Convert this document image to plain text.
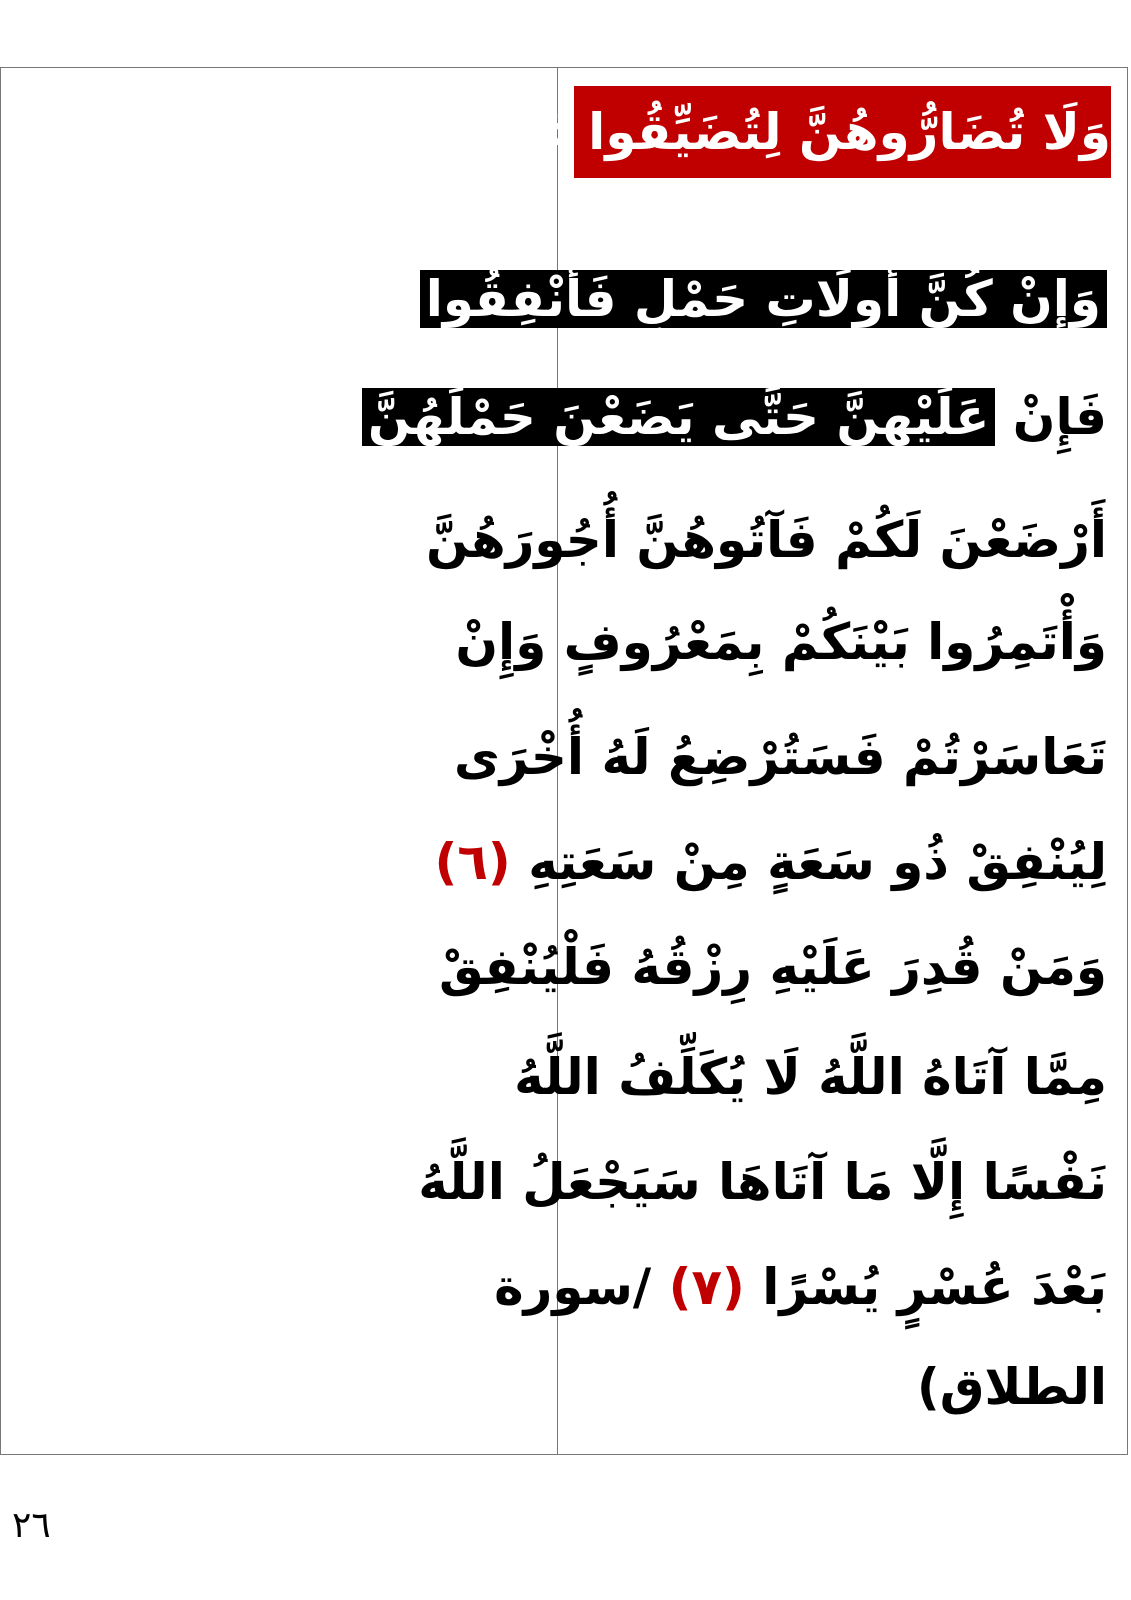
وَلَا تُضَارُّوهُنَّ لِتُضَيِّقُوا عَلَيْهِنَّ
وَإِنْ كُنَّ أُولَاتِ حَمْلٍ فَأَنْفِقُوا
فَإِنْ عَلَيْهِنَّ حَتَّى يَضَعْنَ حَمْلَهُنَّ
أَرْضَعْنَ لَكُمْ فَآتُوهُنَّ أُجُورَهُنَّ
وَأْتَمِرُوا بَيْنَكُمْ بِمَعْرُوفٍ وَإِنْ
تَعَاسَرْتُمْ فَسَتُرْضِعُ لَهُ أُخْرَى
لِيُنْفِقْ ذُو سَعَةٍ مِنْ سَعَتِهِ (٦)
وَمَنْ قُدِرَ عَلَيْهِ رِزْقُهُ فَلْيُنْفِقْ
مِمَّا آتَاهُ اللَّهُ لَا يُكَلِّفُ اللَّهُ
نَفْسًا إِلَّا مَا آتَاهَا سَيَجْعَلُ اللَّهُ
بَعْدَ عُسْرٍ يُسْرًا (٧) /سورة
الطلاق)
٢٦
